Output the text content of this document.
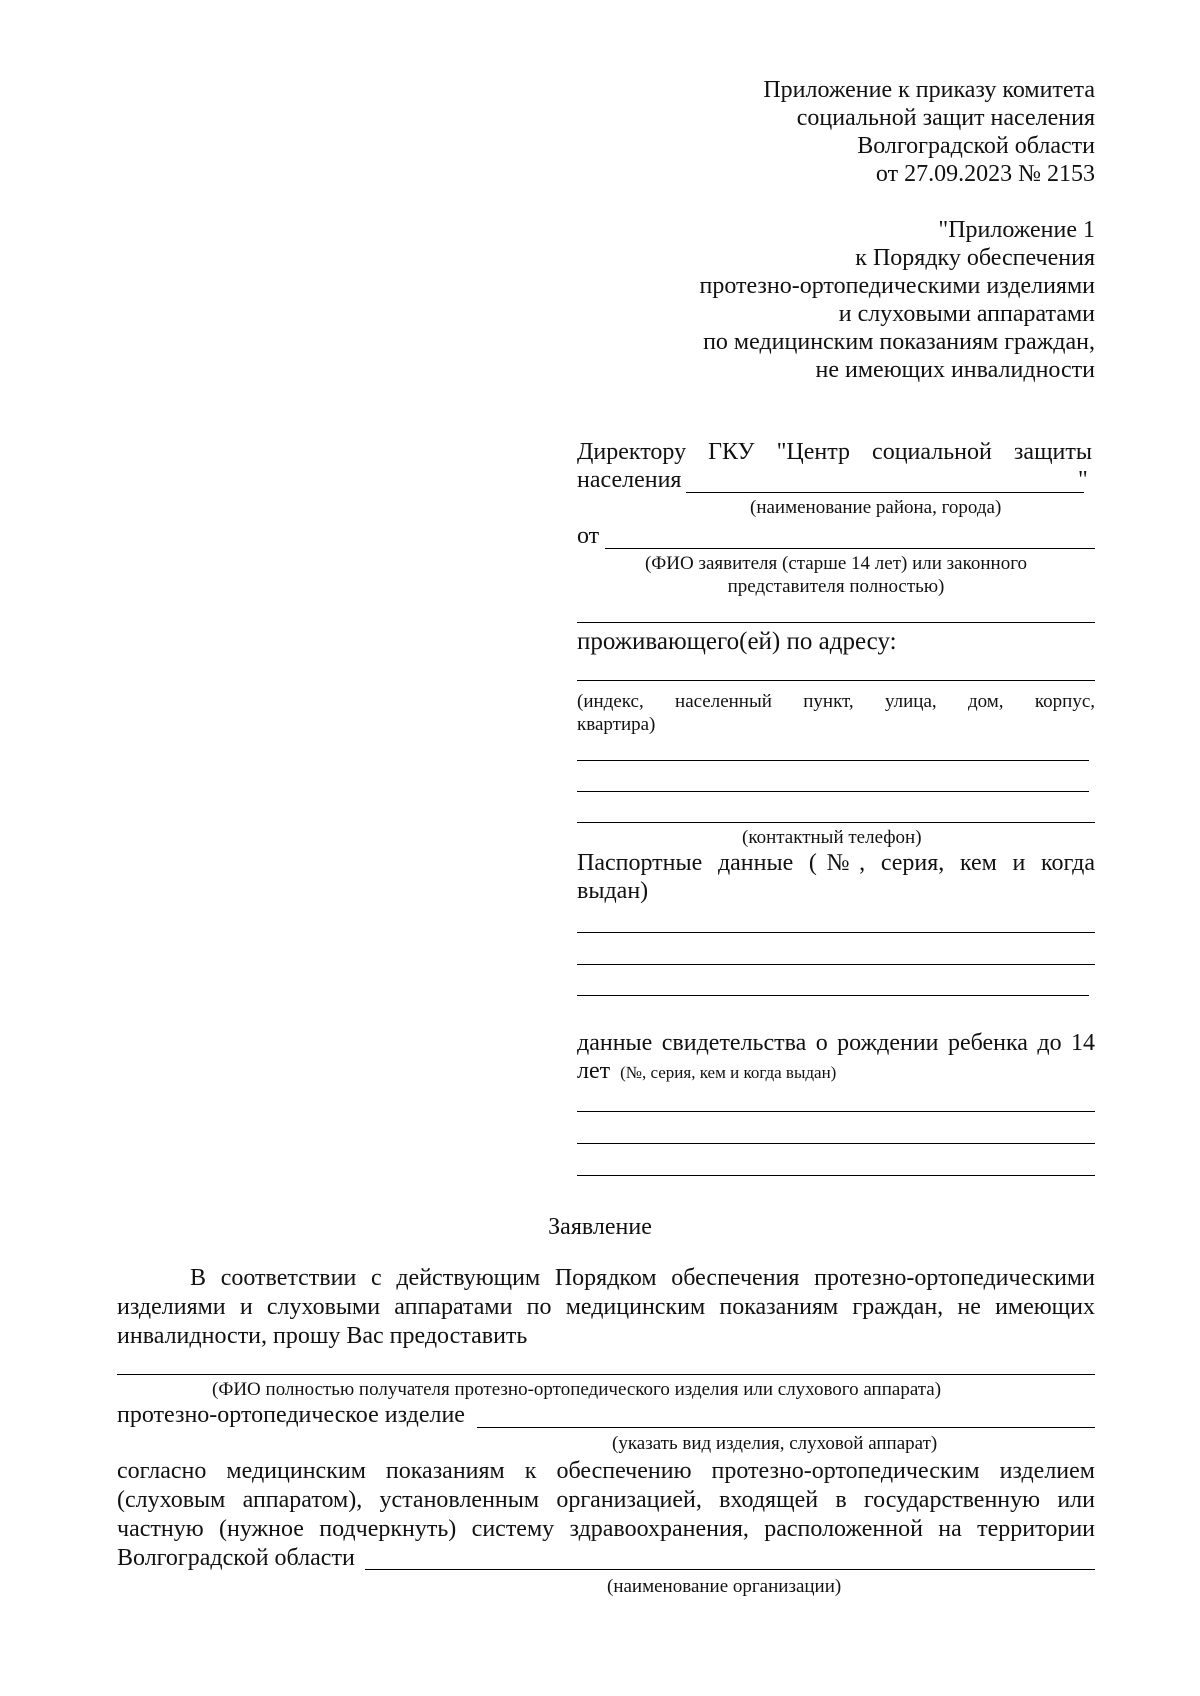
Приложение к приказу комитета
социальной защит населения
Волгоградской области
от 27.09.2023 № 2153
"Приложение 1
к Порядку обеспечения
протезно-ортопедическими изделиями
и слуховыми аппаратами
по медицинским показаниям граждан,
не имеющих инвалидности
Директору ГКУ "Центр социальной защиты
населения	"
(наименование района, города)
от
(ФИО заявителя (старше 14 лет) или законного
представителя полностью)
проживающего(ей) по адресу:
(индекс, населенный пункт, улица, дом, корпус,
квартира)
(контактный телефон)
Паспортные данные (№, серия, кем и когда
выдан)
данные свидетельства о рождении ребенка до 14
лет (№, серия, кем и когда выдан)
Заявление
В соответствии с действующим Порядком обеспечения протезно-ортопедическими
изделиями и слуховыми аппаратами по медицинским показаниям граждан, не имеющих
инвалидности, прошу Вас предоставить
(ФИО полностью получателя протезно-ортопедического изделия или слухового аппарата)
протезно-ортопедическое изделие
(указать вид изделия, слуховой аппарат)
согласно медицинским показаниям к обеспечению протезно-ортопедическим изделием
(слуховым аппаратом), установленным организацией, входящей в государственную или
частную (нужное подчеркнуть) систему здравоохранения, расположенной на территории
Волгоградской области
(наименование организации)
